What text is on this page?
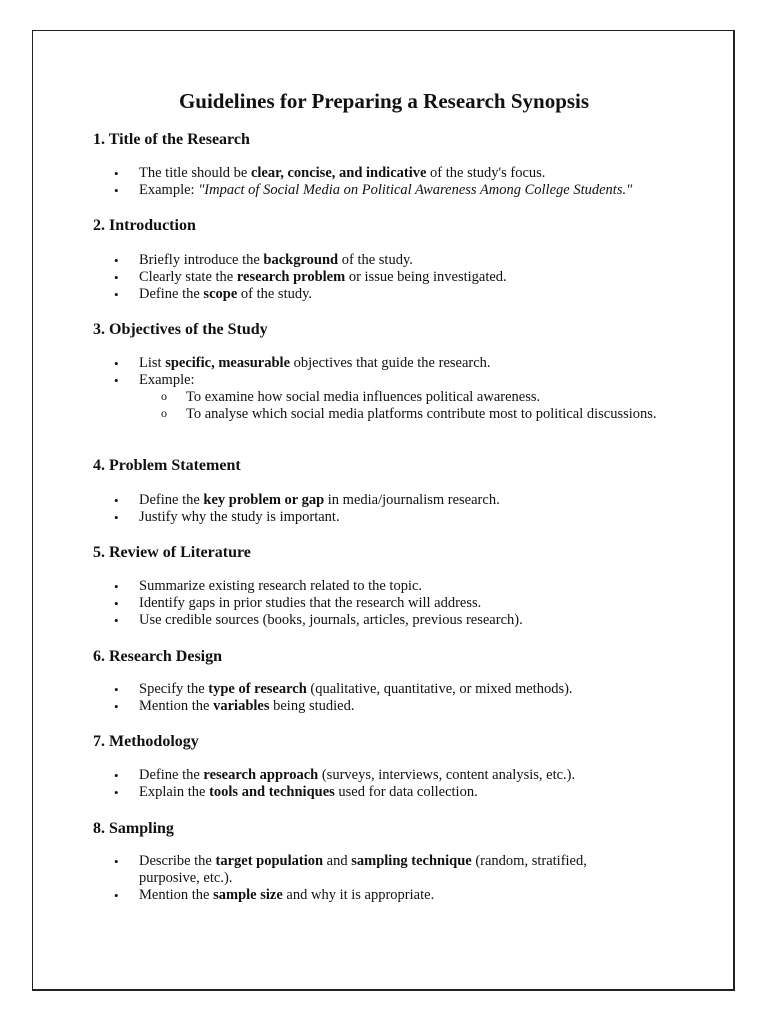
Guidelines for Preparing a Research Synopsis
1. Title of the Research
• The title should be clear, concise, and indicative of the study's focus.
• Example: "Impact of Social Media on Political Awareness Among College Students."
2. Introduction
• Briefly introduce the background of the study.
• Clearly state the research problem or issue being investigated.
• Define the scope of the study.
3. Objectives of the Study
• List specific, measurable objectives that guide the research.
• Example:
o To examine how social media influences political awareness.
o To analyse which social media platforms contribute most to political discussions.
4. Problem Statement
• Define the key problem or gap in media/journalism research.
• Justify why the study is important.
5. Review of Literature
• Summarize existing research related to the topic.
• Identify gaps in prior studies that the research will address.
• Use credible sources (books, journals, articles, previous research).
6. Research Design
• Specify the type of research (qualitative, quantitative, or mixed methods).
• Mention the variables being studied.
7. Methodology
• Define the research approach (surveys, interviews, content analysis, etc.).
• Explain the tools and techniques used for data collection.
8. Sampling
• Describe the target population and sampling technique (random, stratified, purposive, etc.).
• Mention the sample size and why it is appropriate.
